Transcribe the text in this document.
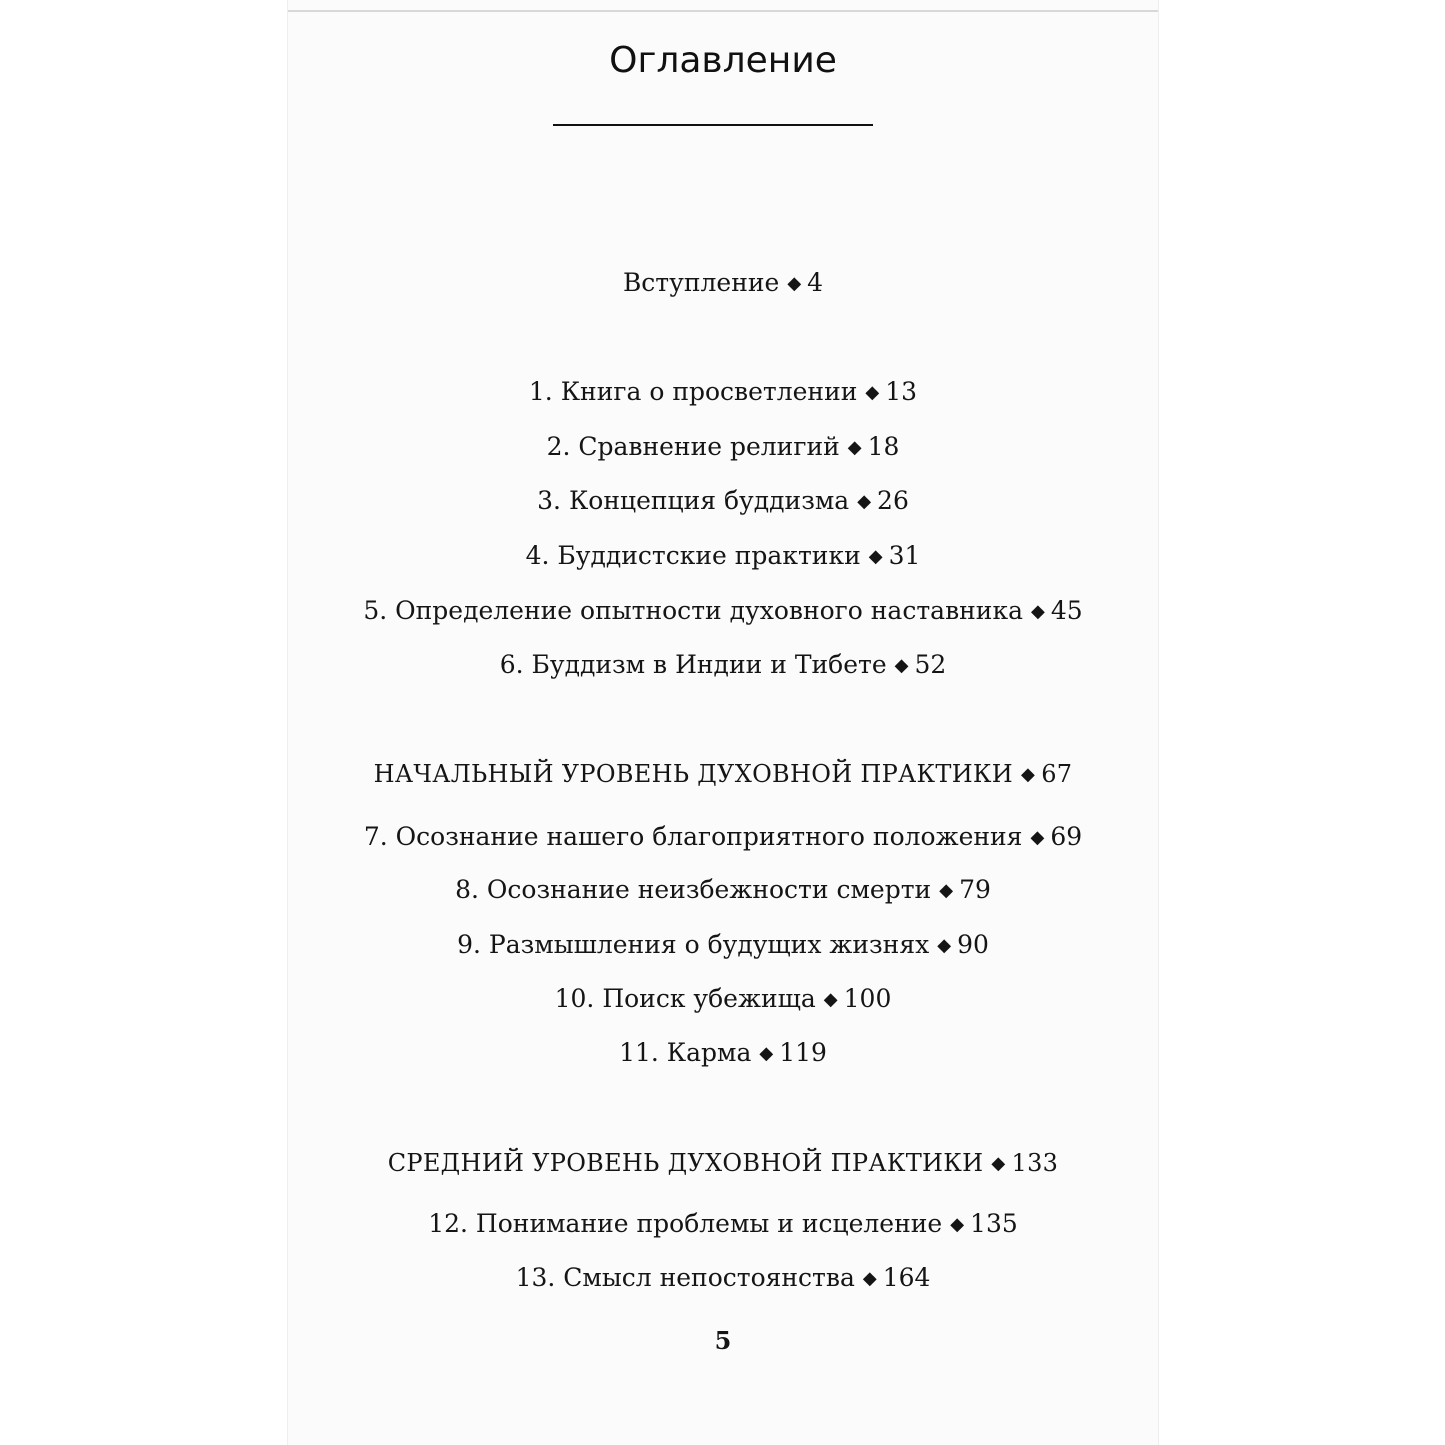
Оглавление
Вступление ◆ 4
1. Книга о просветлении ◆ 13
2. Сравнение религий ◆ 18
3. Концепция буддизма ◆ 26
4. Буддистские практики ◆ 31
5. Определение опытности духовного наставника ◆ 45
6. Буддизм в Индии и Тибете ◆ 52
НАЧАЛЬНЫЙ УРОВЕНЬ ДУХОВНОЙ ПРАКТИКИ ◆ 67
7. Осознание нашего благоприятного положения ◆ 69
8. Осознание неизбежности смерти ◆ 79
9. Размышления о будущих жизнях ◆ 90
10. Поиск убежища ◆ 100
11. Карма ◆ 119
СРЕДНИЙ УРОВЕНЬ ДУХОВНОЙ ПРАКТИКИ ◆ 133
12. Понимание проблемы и исцеление ◆ 135
13. Смысл непостоянства ◆ 164
5
